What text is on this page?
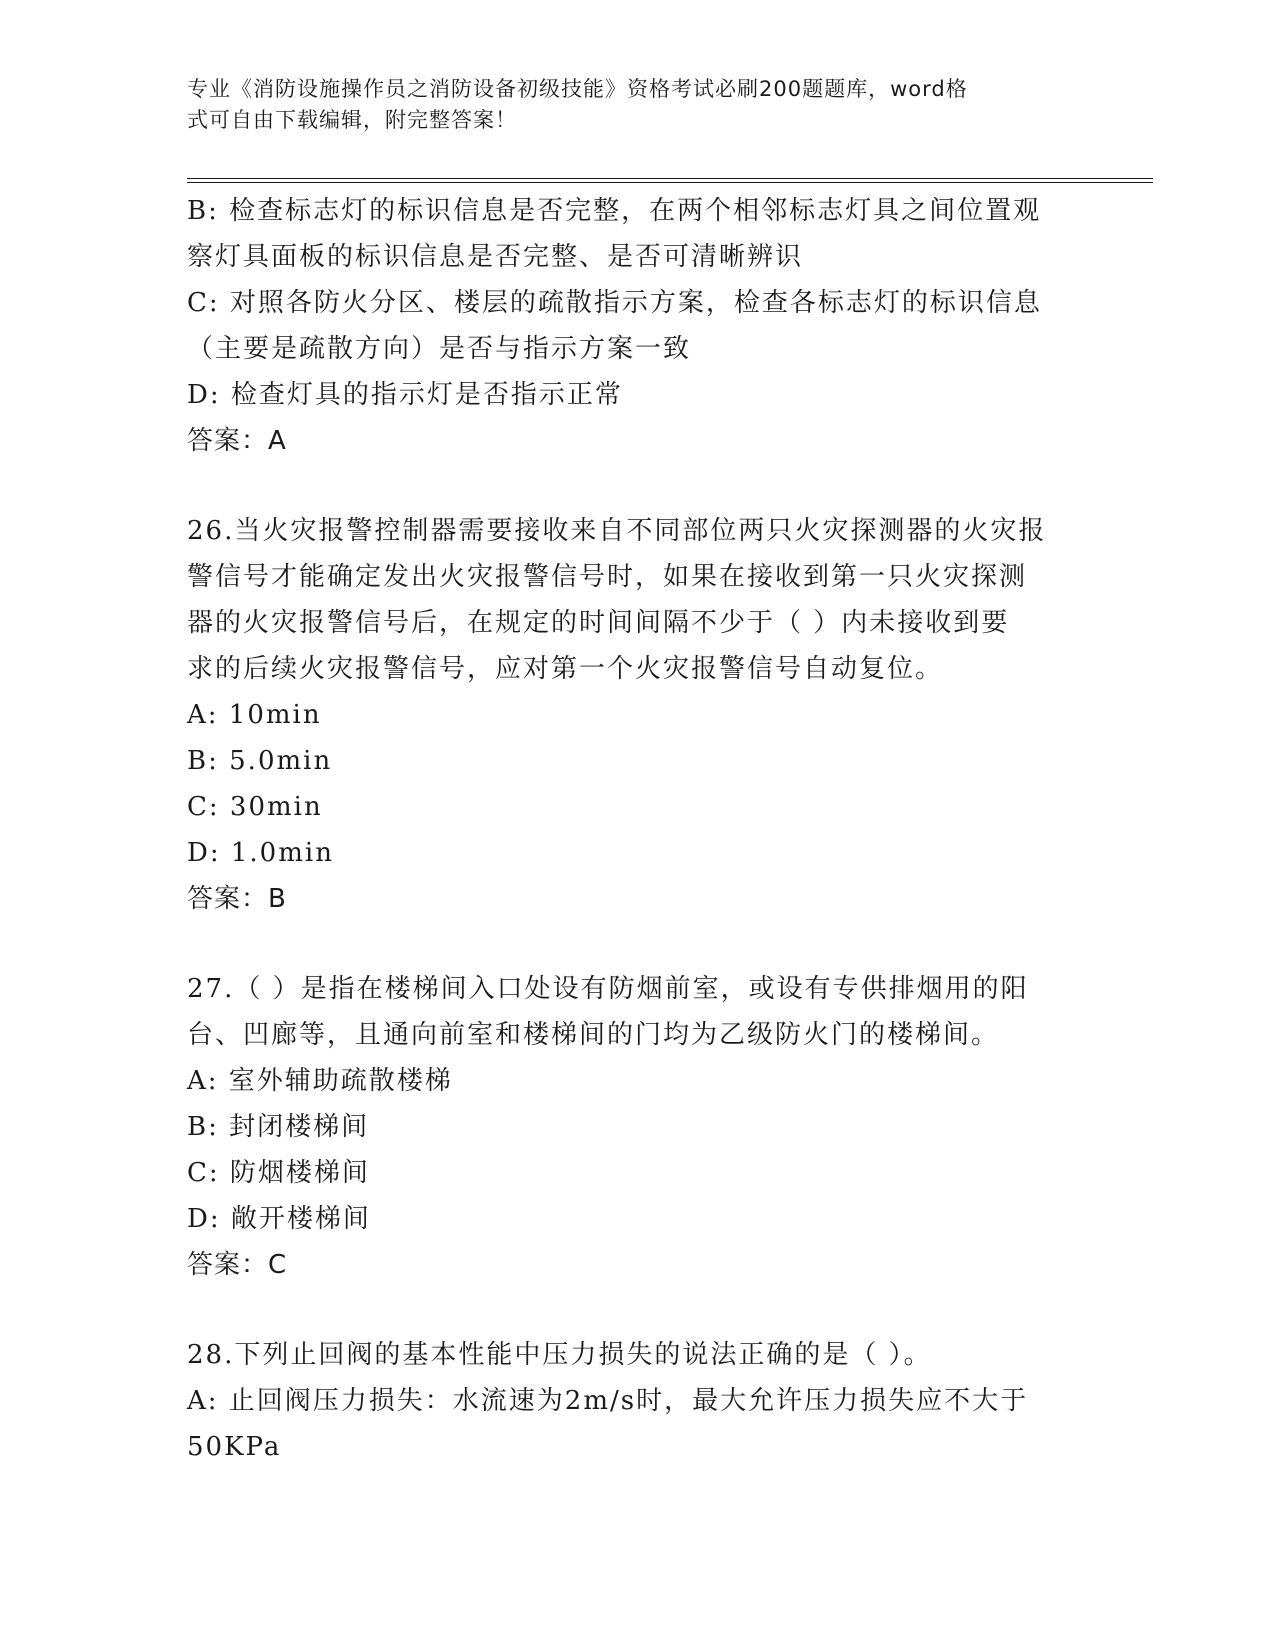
专业《消防设施操作员之消防设备初级技能》资格考试必刷200题题库，word格
式可自由下载编辑，附完整答案！
B: 检查标志灯的标识信息是否完整，在两个相邻标志灯具之间位置观
察灯具面板的标识信息是否完整、是否可清晰辨识
C: 对照各防火分区、楼层的疏散指示方案，检查各标志灯的标识信息
（主要是疏散方向）是否与指示方案一致
D: 检查灯具的指示灯是否指示正常
答案：A
26.当火灾报警控制器需要接收来自不同部位两只火灾探测器的火灾报
警信号才能确定发出火灾报警信号时，如果在接收到第一只火灾探测
器的火灾报警信号后，在规定的时间间隔不少于（ ）内未接收到要
求的后续火灾报警信号，应对第一个火灾报警信号自动复位。
A: 10min
B: 5.0min
C: 30min
D: 1.0min
答案：B
27.（ ）是指在楼梯间入口处设有防烟前室，或设有专供排烟用的阳
台、凹廊等，且通向前室和楼梯间的门均为乙级防火门的楼梯间。
A: 室外辅助疏散楼梯
B: 封闭楼梯间
C: 防烟楼梯间
D: 敞开楼梯间
答案：C
28.下列止回阀的基本性能中压力损失的说法正确的是（ ）。
A: 止回阀压力损失：水流速为2m/s时，最大允许压力损失应不大于
50KPa
